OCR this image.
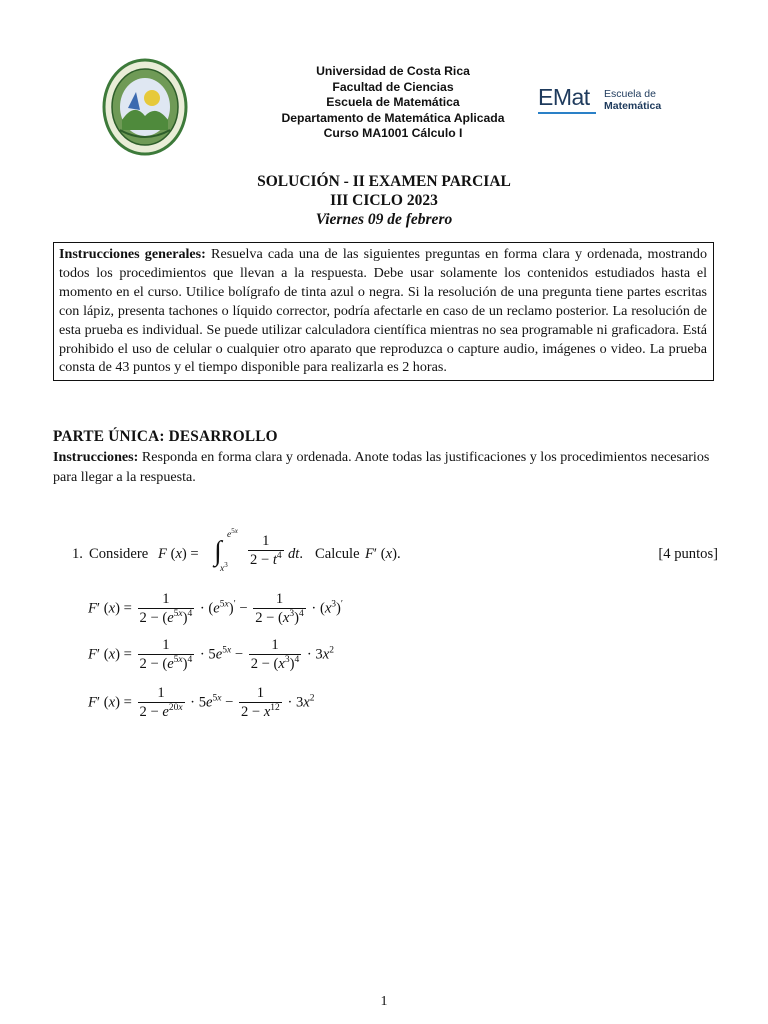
Universidad de Costa Rica
Facultad de Ciencias
Escuela de Matemática
Departamento de Matemática Aplicada
Curso MA1001 Cálculo I
EMat Escuela de
Matemática
SOLUCIÓN - II EXAMEN PARCIAL
III CICLO 2023
Viernes 09 de febrero
Instrucciones generales: Resuelva cada una de las siguientes preguntas en forma clara y ordenada, mostrando todos los procedimientos que llevan a la respuesta. Debe usar solamente los contenidos estudiados hasta el momento en el curso. Utilice bolígrafo de tinta azul o negra. Si la resolución de una pregunta tiene partes escritas con lápiz, presenta tachones o líquido corrector, podría afectarle en caso de un reclamo posterior. La resolución de esta prueba es individual. Se puede utilizar calculadora científica mientras no sea programable ni graficadora. Está prohibido el uso de celular o cualquier otro aparato que reproduzca o capture audio, imágenes o video. La prueba consta de 43 puntos y el tiempo disponible para realizarla es 2 horas.
PARTE ÚNICA: DESARROLLO
Instrucciones: Responda en forma clara y ordenada. Anote todas las justificaciones y los procedimientos necesarios para llegar a la respuesta.
1. Considere F (x) = ∫
$e^{5x}$
$x^3 \frac{1}{2 - t^4}$ dt. Calcule F′ (x).	[4 puntos]
F′ $(x) = \frac{1}{2 - (e^{5x})^4} \cdot (e^{5x})' - \frac{1}{2 - (x^3)^4} \cdot (x^3)'$
F′ $(x) = \frac{1}{2 - (e^{5x})^4} \cdot 5e^{5x} - \frac{1}{2 - (x^3)^4} \cdot 3x^2$
F′ $(x) = \frac{1}{2 - e^{20x}} \cdot 5e^{5x} - \frac{1}{2 - x^{12}} \cdot 3x^2$
1
